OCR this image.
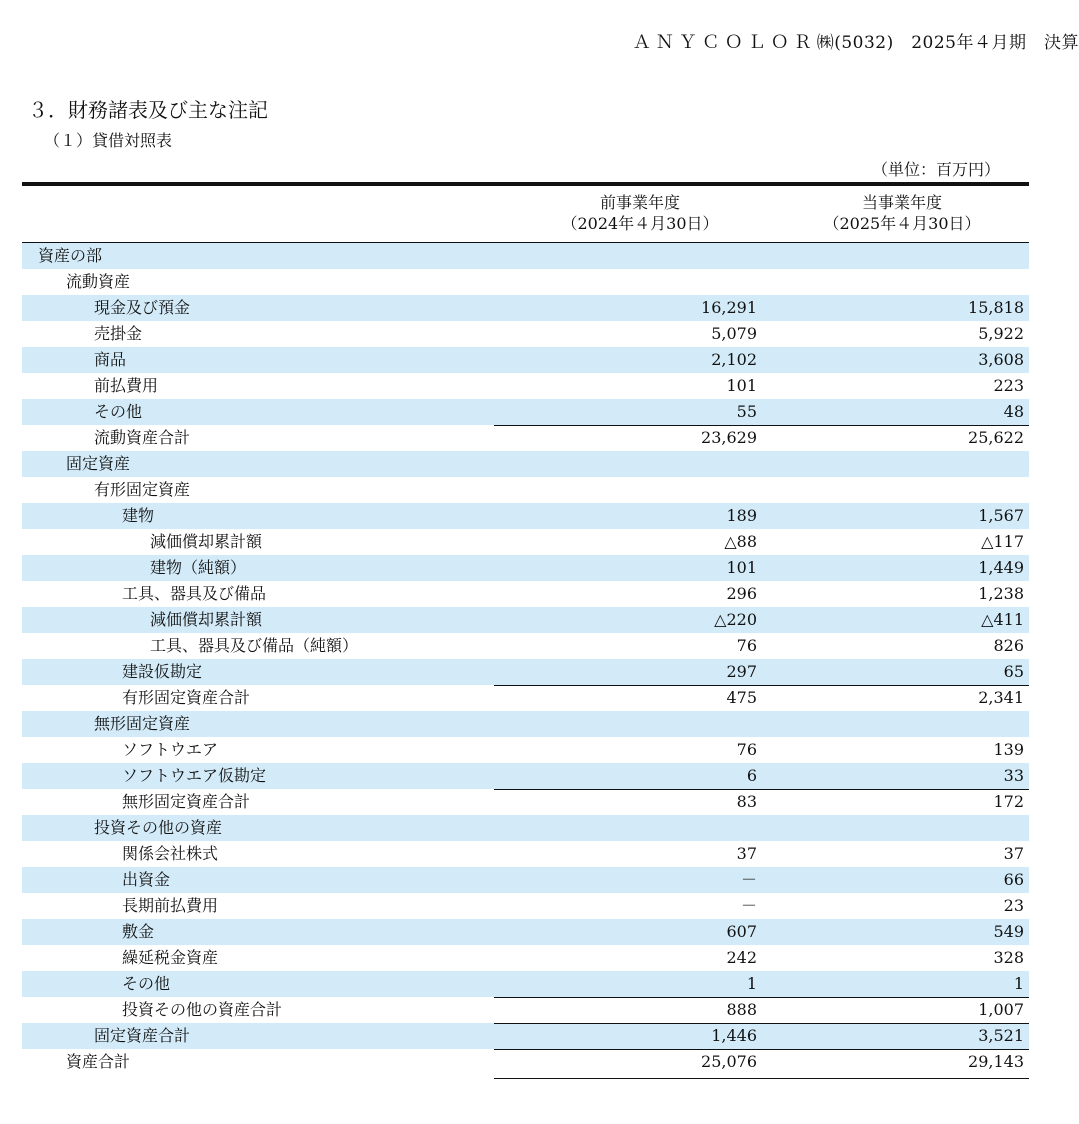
ＡＮＹＣＯＬＯＲ㈱(5032)　2025年４月期　決算
３．財務諸表及び主な注記
（１）貸借対照表
（単位：百万円）
前事業年度
（2024年４月30日）
当事業年度
（2025年４月30日）
資産の部
流動資産
現金及び預金	16,291	15,818
売掛金	5,079	5,922
商品	2,102	3,608
前払費用	101	223
その他	55	48
流動資産合計	23,629	25,622
固定資産
有形固定資産
建物	189	1,567
減価償却累計額	△88	△117
建物（純額）	101	1,449
工具、器具及び備品	296	1,238
減価償却累計額	△220	△411
工具、器具及び備品（純額）	76	826
建設仮勘定	297	65
有形固定資産合計	475	2,341
無形固定資産
ソフトウエア	76	139
ソフトウエア仮勘定	6	33
無形固定資産合計	83	172
投資その他の資産
関係会社株式	37	37
出資金	－	66
長期前払費用	－	23
敷金	607	549
繰延税金資産	242	328
その他	1	1
投資その他の資産合計	888	1,007
固定資産合計	1,446	3,521
資産合計	25,076	29,143
